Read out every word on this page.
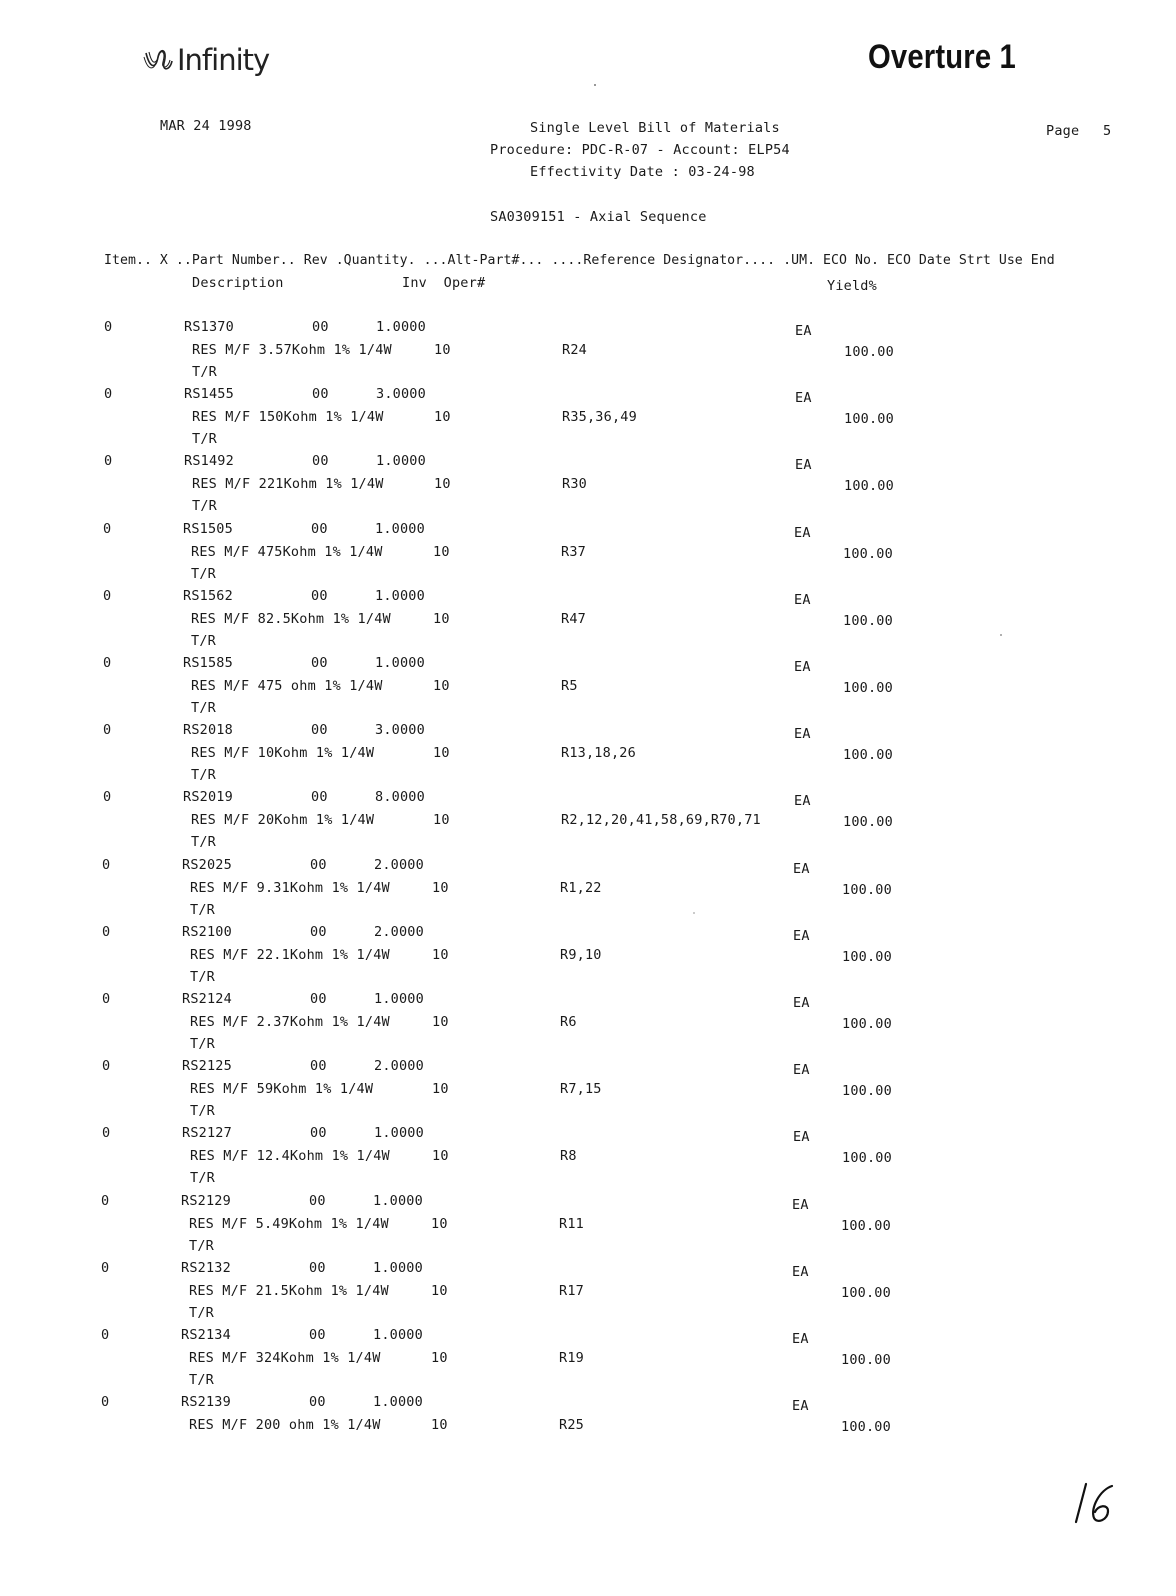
Infinity	Overture 1
MAR 24 1998	Single Level Bill of Materials
Procedure: PDC-R-07 - Account: ELP54
Effectivity Date : 03-24-98
Page 5
SA0309151 - Axial Sequence
Item.. X ..Part Number.. Rev .Quantity. ...Alt-Part#... ....Reference Designator.... .UM. ECO No. ECO Date Strt Use End
Description	Inv  Oper#	Yield%
0	RS1370	00	1.0000	EA
RES M/F 3.57Kohm 1% 1/4W	10	R24	100.00
T/R
0	RS1455	00	3.0000	EA
RES M/F 150Kohm 1% 1/4W	10	R35,36,49	100.00
T/R
0	RS1492	00	1.0000	EA
RES M/F 221Kohm 1% 1/4W	10	R30	100.00
T/R
0	RS1505	00	1.0000	EA
RES M/F 475Kohm 1% 1/4W	10	R37	100.00
T/R
0	RS1562	00	1.0000	EA
RES M/F 82.5Kohm 1% 1/4W	10	R47	100.00
T/R
0	RS1585	00	1.0000	EA
RES M/F 475 ohm 1% 1/4W	10	R5	100.00
T/R
0	RS2018	00	3.0000	EA
RES M/F 10Kohm 1% 1/4W	10	R13,18,26	100.00
T/R
0	RS2019	00	8.0000	EA
RES M/F 20Kohm 1% 1/4W	10	R2,12,20,41,58,69,R70,71	100.00
T/R
0	RS2025	00	2.0000	EA
RES M/F 9.31Kohm 1% 1/4W	10	R1,22	100.00
T/R
0	RS2100	00	2.0000	EA
RES M/F 22.1Kohm 1% 1/4W	10	R9,10	100.00
T/R
0	RS2124	00	1.0000	EA
RES M/F 2.37Kohm 1% 1/4W	10	R6	100.00
T/R
0	RS2125	00	2.0000	EA
RES M/F 59Kohm 1% 1/4W	10	R7,15	100.00
T/R
0	RS2127	00	1.0000	EA
RES M/F 12.4Kohm 1% 1/4W	10	R8	100.00
T/R
0	RS2129	00	1.0000	EA
RES M/F 5.49Kohm 1% 1/4W	10	R11	100.00
T/R
0	RS2132	00	1.0000	EA
RES M/F 21.5Kohm 1% 1/4W	10	R17	100.00
T/R
0	RS2134	00	1.0000	EA
RES M/F 324Kohm 1% 1/4W	10	R19	100.00
T/R
0	RS2139	00	1.0000	EA
RES M/F 200 ohm 1% 1/4W	10	R25	100.00
